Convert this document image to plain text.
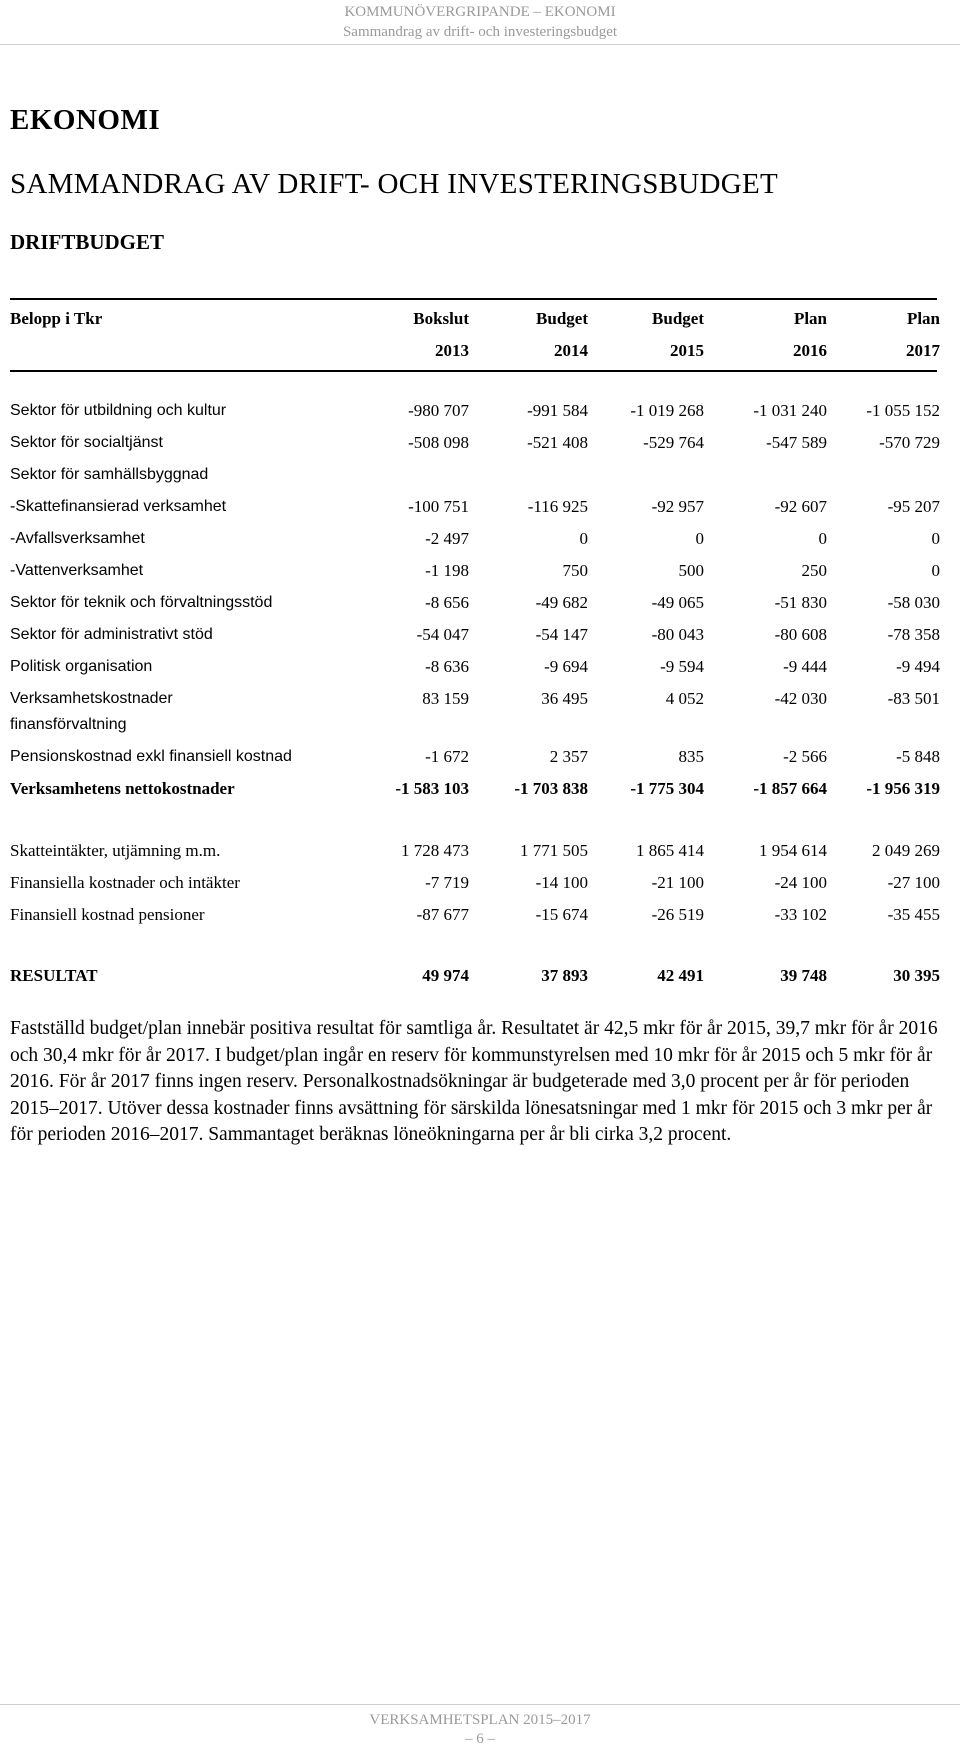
KOMMUNÖVERGRIPANDE – EKONOMI
Sammandrag av drift- och investeringsbudget
EKONOMI
SAMMANDRAG AV DRIFT- OCH INVESTERINGSBUDGET
DRIFTBUDGET
Belopp i Tkr	Bokslut	Budget	Budget	Plan	Plan
2013	2014	2015	2016	2017
Sektor för utbildning och kultur	-980 707	-991 584	-1 019 268	-1 031 240	-1 055 152
Sektor för socialtjänst	-508 098	-521 408	-529 764	-547 589	-570 729
Sektor för samhällsbyggnad
-Skattefinansierad verksamhet	-100 751	-116 925	-92 957	-92 607	-95 207
-Avfallsverksamhet	-2 497	0	0	0	0
-Vattenverksamhet	-1 198	750	500	250	0
Sektor för teknik och förvaltningsstöd	-8 656	-49 682	-49 065	-51 830	-58 030
Sektor för administrativt stöd	-54 047	-54 147	-80 043	-80 608	-78 358
Politisk organisation	-8 636	-9 694	-9 594	-9 444	-9 494
Verksamhetskostnader	83 159	36 495	4 052	-42 030	-83 501
finansförvaltning
Pensionskostnad exkl finansiell kostnad	-1 672	2 357	835	-2 566	-5 848
Verksamhetens nettokostnader	-1 583 103	-1 703 838	-1 775 304	-1 857 664	-1 956 319
Skatteintäkter, utjämning m.m.	1 728 473	1 771 505	1 865 414	1 954 614	2 049 269
Finansiella kostnader och intäkter	-7 719	-14 100	-21 100	-24 100	-27 100
Finansiell kostnad pensioner	-87 677	-15 674	-26 519	-33 102	-35 455
RESULTAT	49 974	37 893	42 491	39 748	30 395
Fastställd budget/plan innebär positiva resultat för samtliga år. Resultatet är 42,5 mkr för år 2015, 39,7 mkr för år 2016 och 30,4 mkr för år 2017. I budget/plan ingår en reserv för kommunstyrelsen med 10 mkr för år 2015 och 5 mkr för år 2016. För år 2017 finns ingen reserv. Personalkostnadsökningar är budgeterade med 3,0 procent per år för perioden 2015–2017. Utöver dessa kostnader finns avsättning för särskilda lönesatsningar med 1 mkr för 2015 och 3 mkr per år för perioden 2016–2017. Sammantaget beräknas löneökningarna per år bli cirka 3,2 procent.
VERKSAMHETSPLAN 2015–2017
– 6 –
